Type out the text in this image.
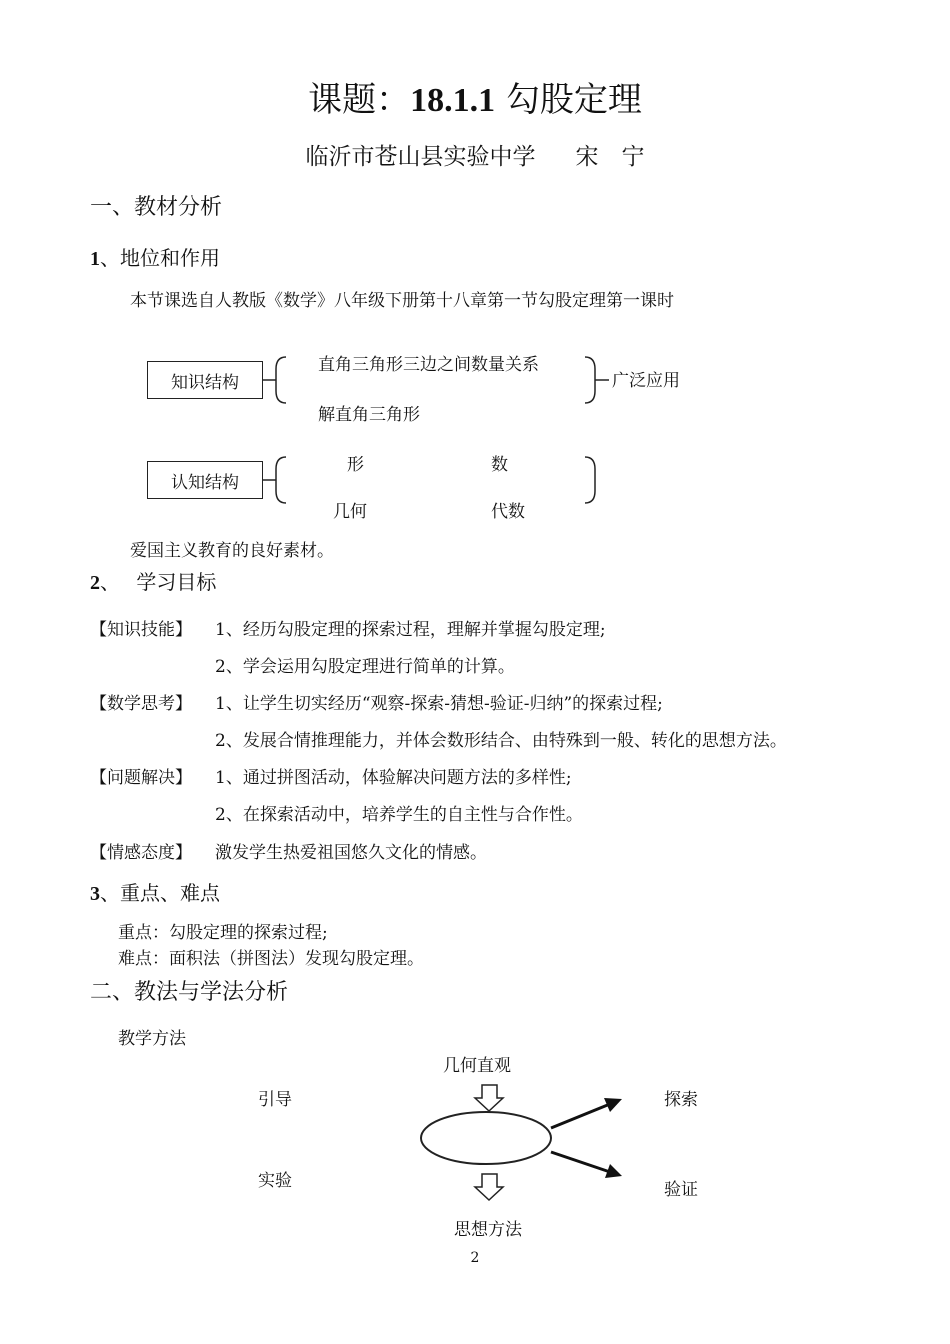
课题：18.1.1 勾股定理
临沂市苍山县实验中学 宋　宁
一、教材分析
1、地位和作用
本节课选自人教版《数学》八年级下册第十八章第一节勾股定理第一课时
知识结构
直角三角形三边之间数量关系
解直角三角形
广泛应用
认知结构
形	数
几何	代数
爱国主义教育的良好素材。
2、　 学习目标
【知识技能】 1、经历勾股定理的探索过程，理解并掌握勾股定理;
2、学会运用勾股定理进行简单的计算。
【数学思考】 1、让学生切实经历“观察-探索-猜想-验证-归纳”的探索过程;
2、发展合情推理能力，并体会数形结合、由特殊到一般、转化的思想方法。
【问题解决】 1、通过拼图活动，体验解决问题方法的多样性;
2、在探索活动中，培养学生的自主性与合作性。
【情感态度】 激发学生热爱祖国悠久文化的情感。
3、重点、难点
重点：勾股定理的探索过程;
难点：面积法（拼图法）发现勾股定理。
二、教法与学法分析
教学方法
几何直观
引导
实验
探索
验证
思想方法
2
